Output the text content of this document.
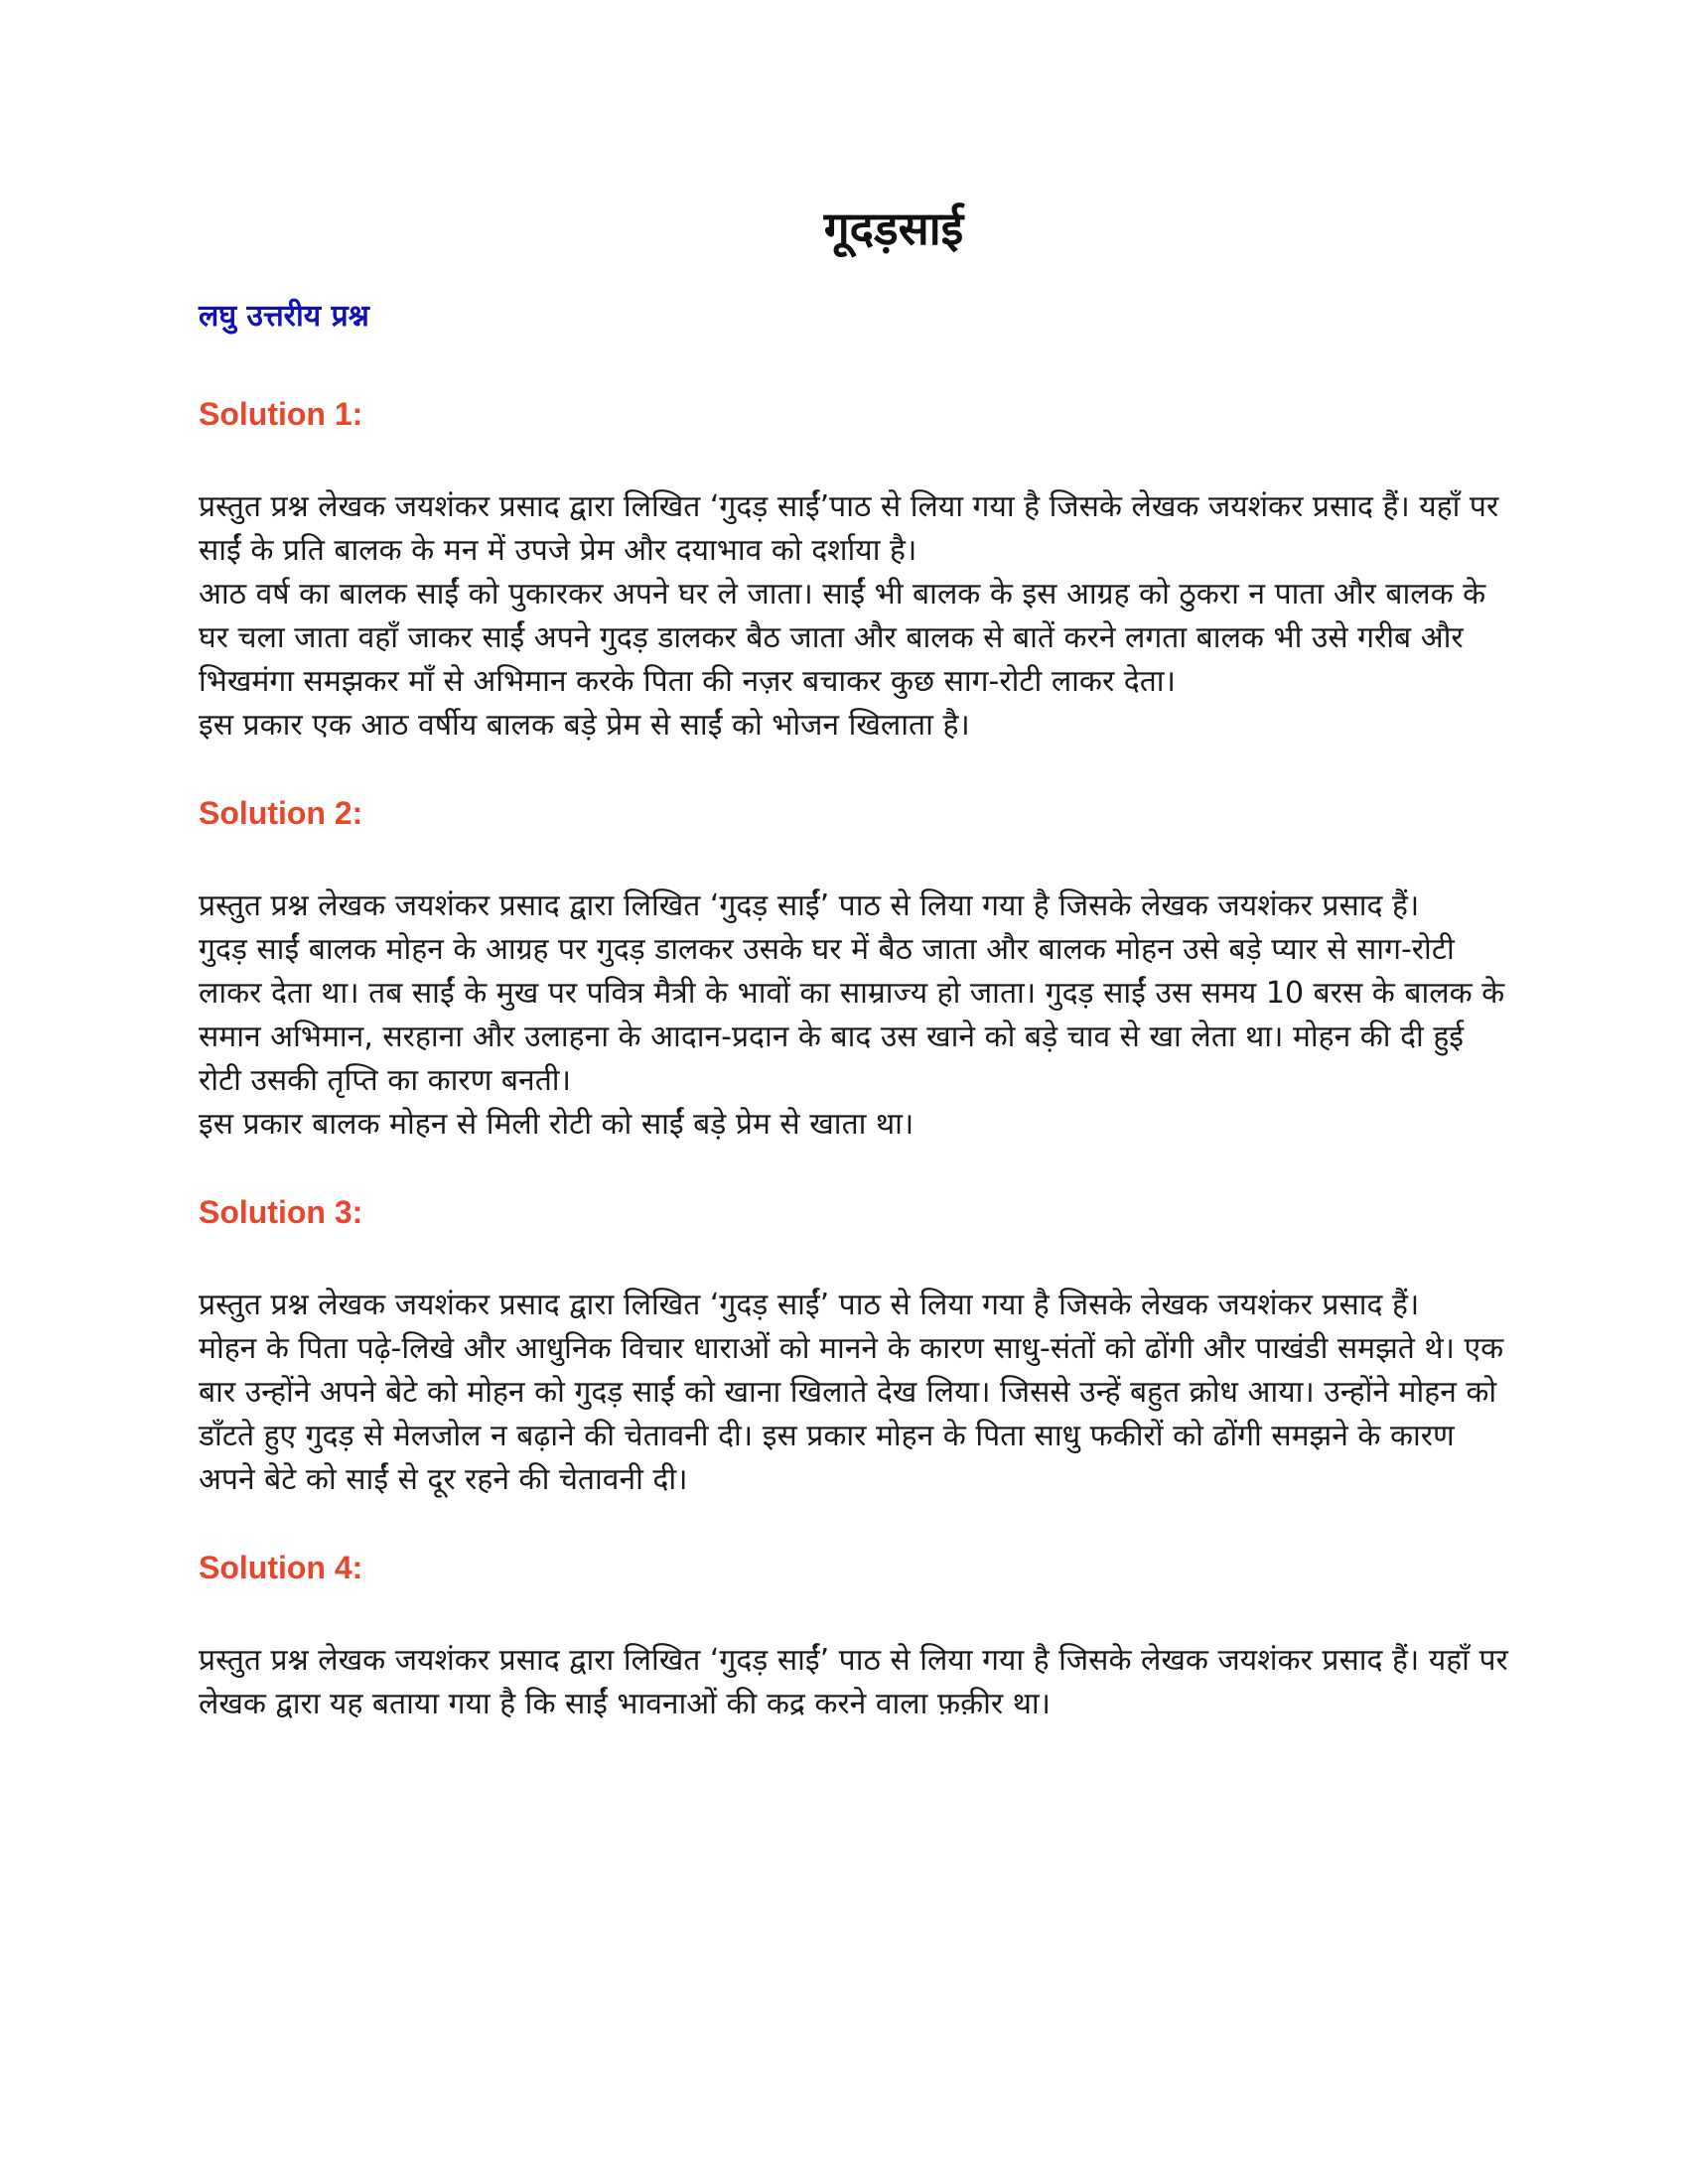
गूदड़साई
लघु उत्तरीय प्रश्न
Solution 1:

प्रस्तुत प्रश्न लेखक जयशंकर प्रसाद द्वारा लिखित ‘गुदड़ साईं’पाठ से लिया गया है जिसके लेखक जयशंकर प्रसाद हैं। यहाँ पर साईं के प्रति बालक के मन में उपजे प्रेम और दयाभाव को दर्शाया है।

आठ वर्ष का बालक साईं को पुकारकर अपने घर ले जाता। साईं भी बालक के इस आग्रह को ठुकरा न पाता और बालक के घर चला जाता वहाँ जाकर साईं अपने गुदड़ डालकर बैठ जाता और बालक से बातें करने लगता बालक भी उसे गरीब और भिखमंगा समझकर माँ से अभिमान करके पिता की नज़र बचाकर कुछ साग-रोटी लाकर देता।

इस प्रकार एक आठ वर्षीय बालक बड़े प्रेम से साईं को भोजन खिलाता है।

Solution 2:

प्रस्तुत प्रश्न लेखक जयशंकर प्रसाद द्वारा लिखित ‘गुदड़ साईं’ पाठ से लिया गया है जिसके लेखक जयशंकर प्रसाद हैं।

गुदड़ साईं बालक मोहन के आग्रह पर गुदड़ डालकर उसके घर में बैठ जाता और बालक मोहन उसे बड़े प्यार से साग-रोटी लाकर देता था। तब साईं के मुख पर पवित्र मैत्री के भावों का साम्राज्य हो जाता। गुदड़ साईं उस समय 10 बरस के बालक के समान अभिमान, सरहाना और उलाहना के आदान-प्रदान के बाद उस खाने को बड़े चाव से खा लेता था। मोहन की दी हुई रोटी उसकी तृप्ति का कारण बनती।

इस प्रकार बालक मोहन से मिली रोटी को साईं बड़े प्रेम से खाता था।

Solution 3:

प्रस्तुत प्रश्न लेखक जयशंकर प्रसाद द्वारा लिखित ‘गुदड़ साईं’ पाठ से लिया गया है जिसके लेखक जयशंकर प्रसाद हैं।

मोहन के पिता पढ़े-लिखे और आधुनिक विचार धाराओं को मानने के कारण साधु-संतों को ढोंगी और पाखंडी समझते थे। एक बार उन्होंने अपने बेटे को मोहन को गुदड़ साईं को खाना खिलाते देख लिया। जिससे उन्हें बहुत क्रोध आया। उन्होंने मोहन को डाँटते हुए गुदड़ से मेलजोल न बढ़ाने की चेतावनी दी। इस प्रकार मोहन के पिता साधु फकीरों को ढोंगी समझने के कारण अपने बेटे को साईं से दूर रहने की चेतावनी दी।

Solution 4:

प्रस्तुत प्रश्न लेखक जयशंकर प्रसाद द्वारा लिखित ‘गुदड़ साईं’ पाठ से लिया गया है जिसके लेखक जयशंकर प्रसाद हैं। यहाँ पर लेखक द्वारा यह बताया गया है कि साईं भावनाओं की कद्र करने वाला फ़क़ीर था।
